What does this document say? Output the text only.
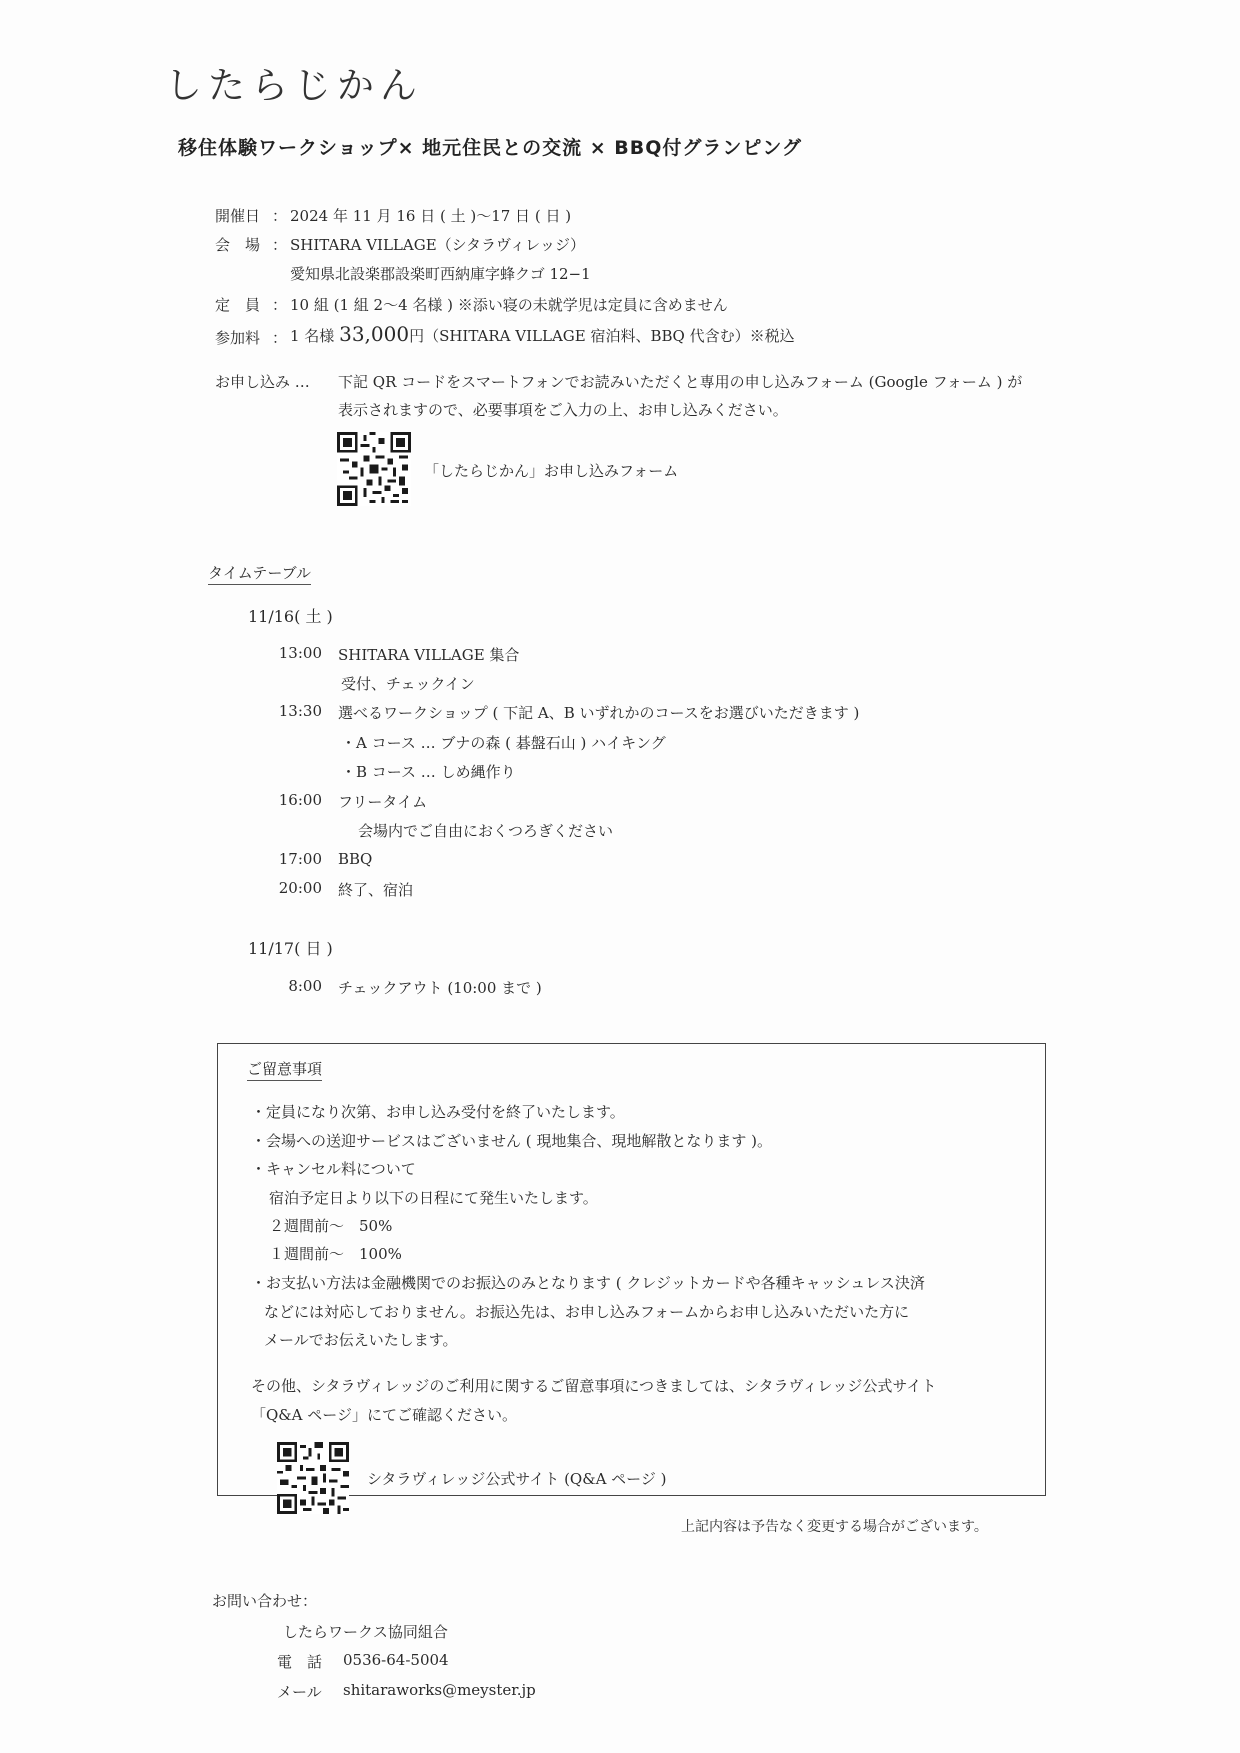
したらじかん
移住体験ワークショップ× 地元住民との交流 × BBQ付グランピング
開催日 ： 2024 年 11 月 16 日 ( 土 )～17 日 ( 日 )
会　場 ： SHITARA VILLAGE（シタラヴィレッジ）
愛知県北設楽郡設楽町西納庫字蜂クゴ 12−1
定　員 ： 10 組 (1 組 2～4 名様 ) ※添い寝の未就学児は定員に含めません
参加料 ： 1 名様 33,000円（SHITARA VILLAGE 宿泊料、BBQ 代含む）※税込
お申し込み … 下記 QR コードをスマートフォンでお読みいただくと専用の申し込みフォーム (Google フォーム ) が
表示されますので、必要事項をご入力の上、お申し込みください。
「したらじかん」お申し込みフォーム
タイムテーブル
11/16( 土 )
13:00 SHITARA VILLAGE 集合
受付、チェックイン
13:30 選べるワークショップ ( 下記 A、B いずれかのコースをお選びいただきます )
・A コース … ブナの森 ( 碁盤石山 ) ハイキング
・B コース … しめ縄作り
16:00 フリータイム
会場内でご自由におくつろぎください
17:00 BBQ
20:00 終了、宿泊
11/17( 日 )
8:00 チェックアウト (10:00 まで )
ご留意事項
・定員になり次第、お申し込み受付を終了いたします。
・会場への送迎サービスはございません ( 現地集合、現地解散となります )。
・キャンセル料について
宿泊予定日より以下の日程にて発生いたします。
２週間前～　50%
１週間前～　100%
・お支払い方法は金融機関でのお振込のみとなります ( クレジットカードや各種キャッシュレス決済
などには対応しておりません。お振込先は、お申し込みフォームからお申し込みいただいた方に
メールでお伝えいたします。
その他、シタラヴィレッジのご利用に関するご留意事項につきましては、シタラヴィレッジ公式サイト
「Q&A ページ」にてご確認ください。
シタラヴィレッジ公式サイト (Q&A ページ )
上記内容は予告なく変更する場合がございます。
お問い合わせ：
したらワークス協同組合
電　話 0536-64-5004
メール shitaraworks@meyster.jp
